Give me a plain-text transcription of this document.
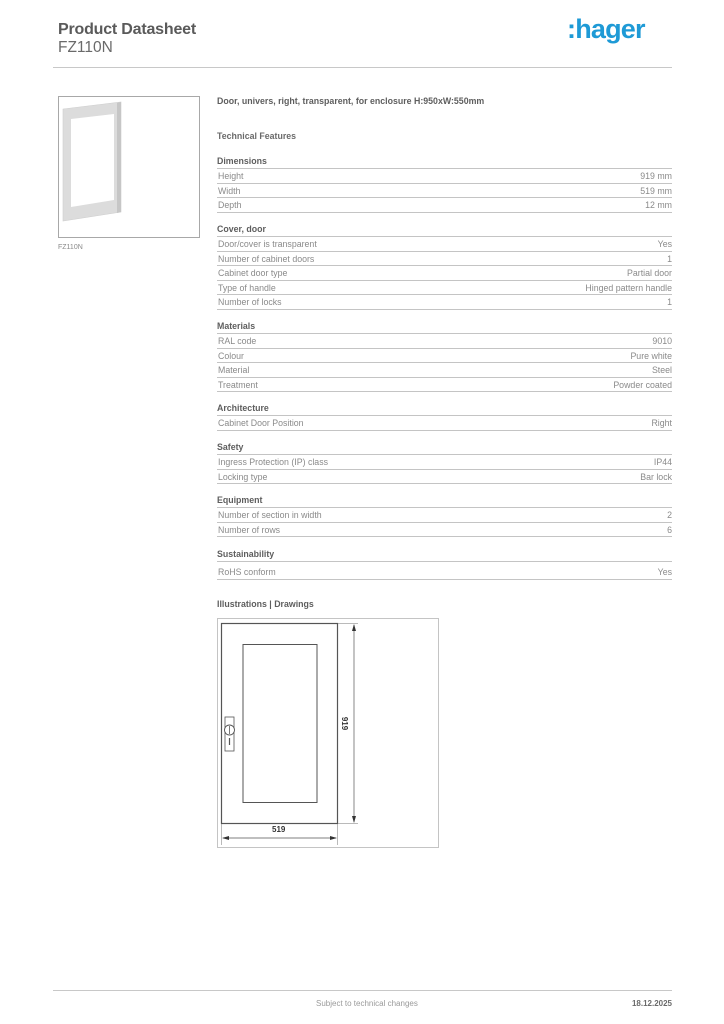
Product Datasheet
FZ110N
:hager
FZ110N
Door, univers, right, transparent, for enclosure H:950xW:550mm
Technical Features
Dimensions
Height	919 mm
Width	519 mm
Depth	12 mm
Cover, door
Door/cover is transparent	Yes
Number of cabinet doors	1
Cabinet door type	Partial door
Type of handle	Hinged pattern handle
Number of locks	1
Materials
RAL code	9010
Colour	Pure white
Material	Steel
Treatment	Powder coated
Architecture
Cabinet Door Position	Right
Safety
Ingress Protection (IP) class	IP44
Locking type	Bar lock
Equipment
Number of section in width	2
Number of rows	6
Sustainability
RoHS conform	Yes
Illustrations | Drawings
519
919
Subject to technical changes	18.12.2025
